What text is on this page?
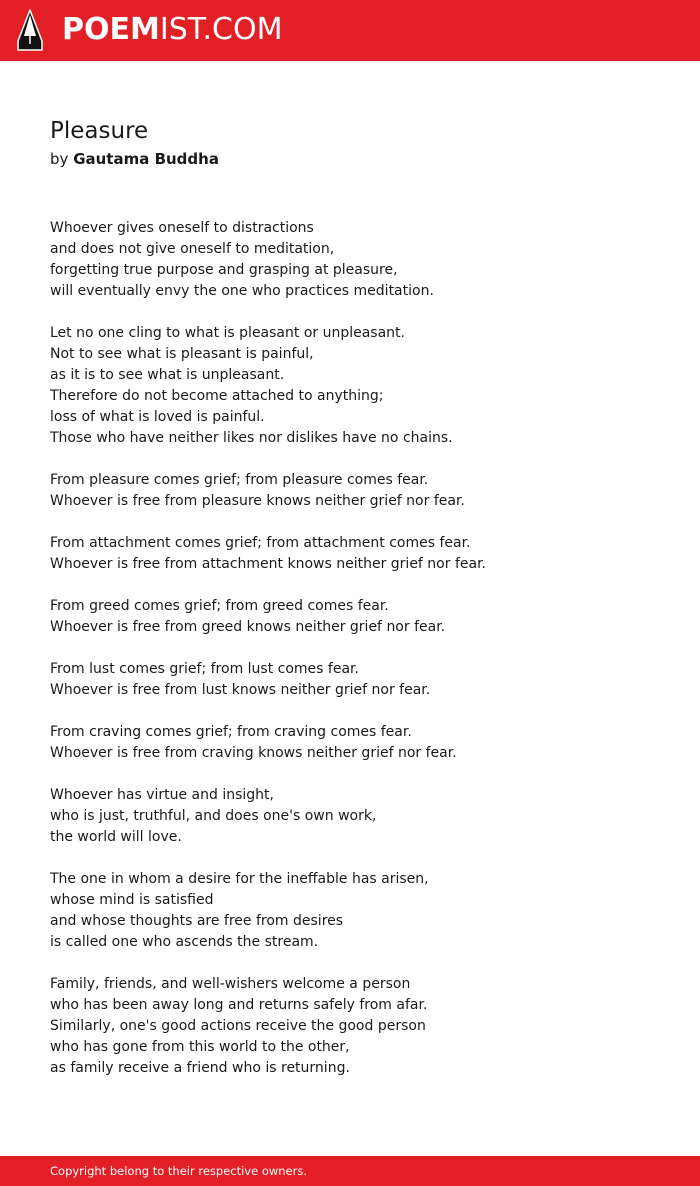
POEMIST.COM
Pleasure
by Gautama Buddha
Whoever gives oneself to distractions
and does not give oneself to meditation,
forgetting true purpose and grasping at pleasure,
will eventually envy the one who practices meditation.
Let no one cling to what is pleasant or unpleasant.
Not to see what is pleasant is painful,
as it is to see what is unpleasant.
Therefore do not become attached to anything;
loss of what is loved is painful.
Those who have neither likes nor dislikes have no chains.
From pleasure comes grief; from pleasure comes fear.
Whoever is free from pleasure knows neither grief nor fear.
From attachment comes grief; from attachment comes fear.
Whoever is free from attachment knows neither grief nor fear.
From greed comes grief; from greed comes fear.
Whoever is free from greed knows neither grief nor fear.
From lust comes grief; from lust comes fear.
Whoever is free from lust knows neither grief nor fear.
From craving comes grief; from craving comes fear.
Whoever is free from craving knows neither grief nor fear.
Whoever has virtue and insight,
who is just, truthful, and does one's own work,
the world will love.
The one in whom a desire for the ineffable has arisen,
whose mind is satisfied
and whose thoughts are free from desires
is called one who ascends the stream.
Family, friends, and well-wishers welcome a person
who has been away long and returns safely from afar.
Similarly, one's good actions receive the good person
who has gone from this world to the other,
as family receive a friend who is returning.
Copyright belong to their respective owners.
